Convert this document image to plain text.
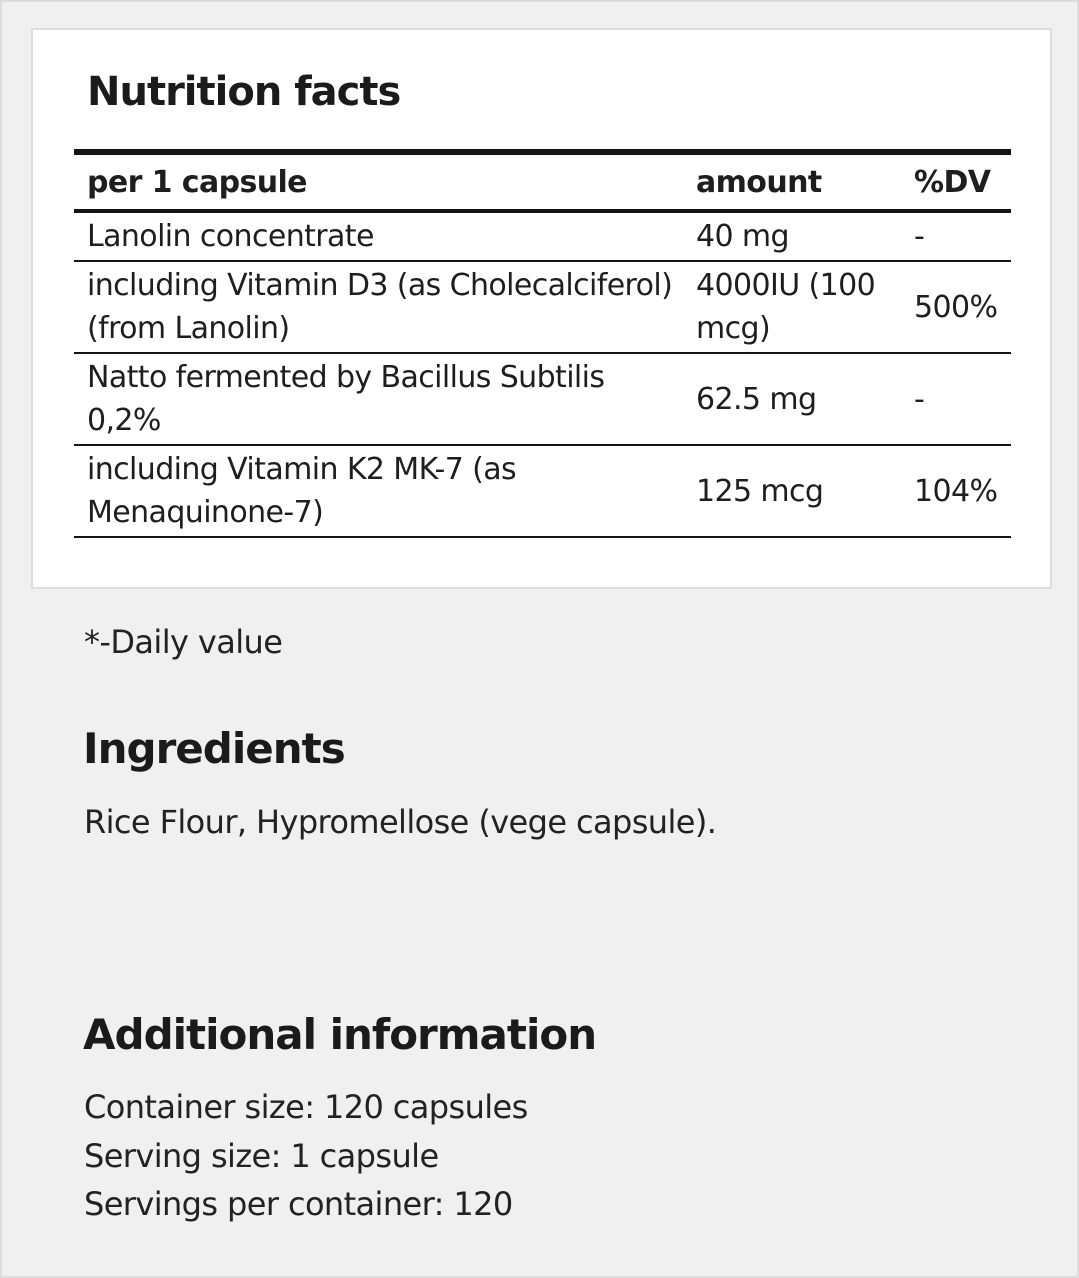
Nutrition facts
per 1 capsule	amount	%DV
Lanolin concentrate	40 mg	-
including Vitamin D3 (as Cholecalciferol) (from Lanolin)	4000IU (100 mcg)	500%
Natto fermented by Bacillus Subtilis 0,2%	62.5 mg	-
including Vitamin K2 MK-7 (as Menaquinone-7)	125 mcg	104%

*-Daily value

Ingredients

Rice Flour, Hypromellose (vege capsule).

Additional information
Container size: 120 capsules
Serving size: 1 capsule
Servings per container: 120
